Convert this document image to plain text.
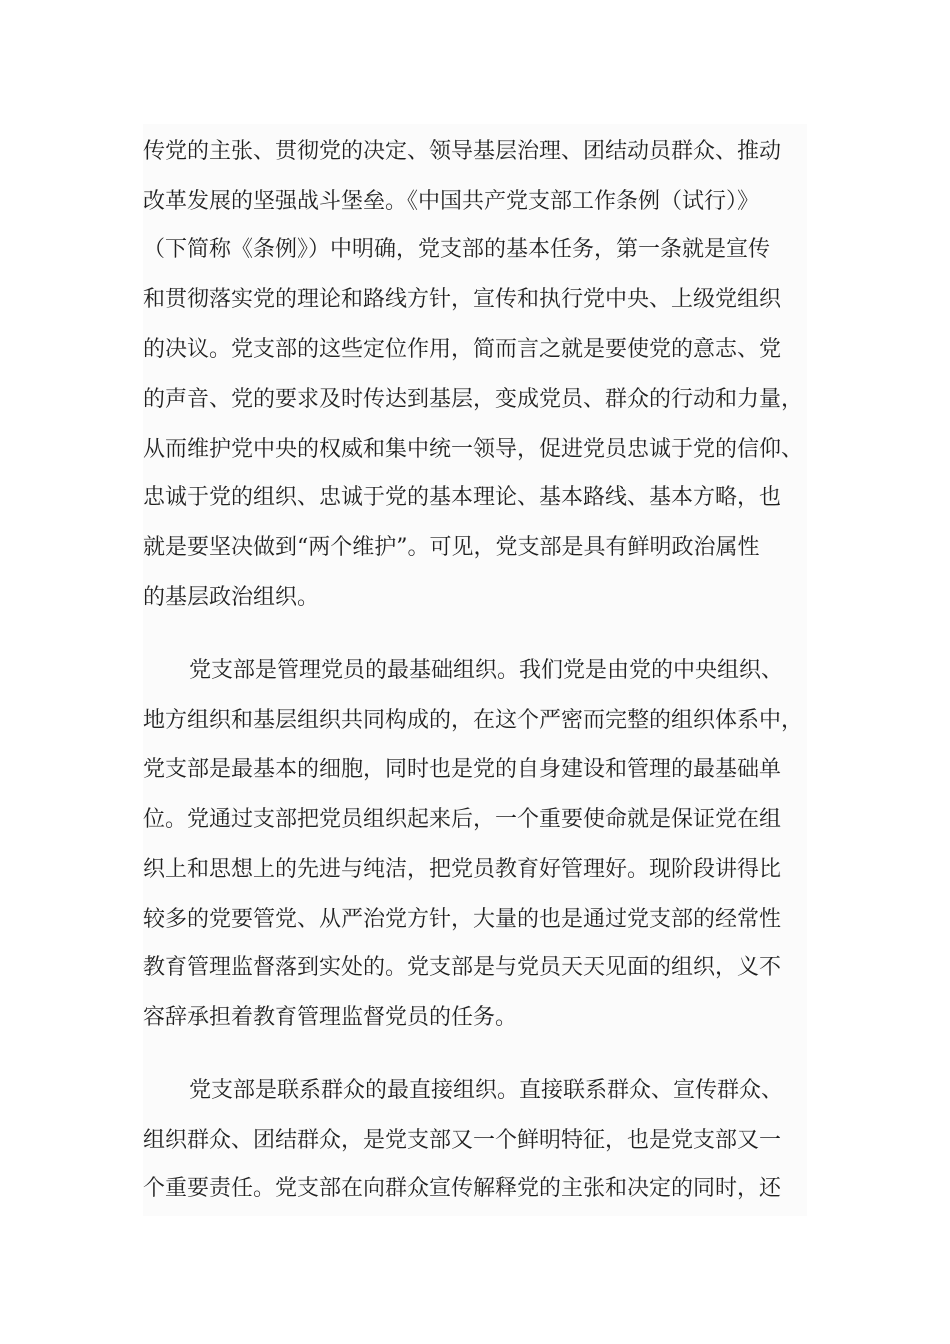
传党的主张、贯彻党的决定、领导基层治理、团结动员群众、推动
改革发展的坚强战斗堡垒。《中国共产党支部工作条例（试行）》
（下简称《条例》）中明确，党支部的基本任务，第一条就是宣传
和贯彻落实党的理论和路线方针，宣传和执行党中央、上级党组织
的决议。党支部的这些定位作用，简而言之就是要使党的意志、党
的声音、党的要求及时传达到基层，变成党员、群众的行动和力量，
从而维护党中央的权威和集中统一领导，促进党员忠诚于党的信仰、
忠诚于党的组织、忠诚于党的基本理论、基本路线、基本方略，也
就是要坚决做到“两个维护”。可见，党支部是具有鲜明政治属性
的基层政治组织。
党支部是管理党员的最基础组织。我们党是由党的中央组织、
地方组织和基层组织共同构成的，在这个严密而完整的组织体系中，
党支部是最基本的细胞，同时也是党的自身建设和管理的最基础单
位。党通过支部把党员组织起来后，一个重要使命就是保证党在组
织上和思想上的先进与纯洁，把党员教育好管理好。现阶段讲得比
较多的党要管党、从严治党方针，大量的也是通过党支部的经常性
教育管理监督落到实处的。党支部是与党员天天见面的组织，义不
容辞承担着教育管理监督党员的任务。
党支部是联系群众的最直接组织。直接联系群众、宣传群众、
组织群众、团结群众，是党支部又一个鲜明特征，也是党支部又一
个重要责任。党支部在向群众宣传解释党的主张和决定的同时，还
